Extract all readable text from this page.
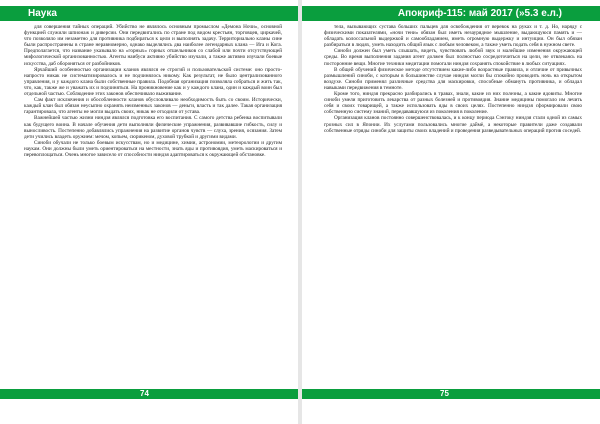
Наука

для совершения тайных операций. Убийство не являлось основным промыслом «Демона Ночи», основной функцией служили шпионаж и диверсии. Они передвигались по стране под видом крестьян, торговцев, циркачей, что позволяло им незаметно для противника подбираться к цели и выполнять задачу. Территориально кланы сине были распространены в стране неравномерно, однако выделялись два наиболее легендарных клана — Ига и Кога. Предполагается, что название указывало на «горных» горных отшельников со слабой или почти отсутствующей мифологической организованностью. Агенты наибуси активно убийство изучали, а также активно изучали боевые искусства, даб обороняться от разбойников.

Ярчайший особенностью организации кланов являлся ее строгий и пользовательской системе: оно просто-напросто никак не систематизировалось и не подчинялось никому. Как результат, не было централизованного управления, и у каждого клана были собственные правила. Подобная организация позволяла собраться и жить так, что, как, также же и уважать их и подчиняться. На проникновение как и у каждого клана, один и каждый воин был отдельной частью. Соблюдение этих законов обеспечивало выживание.

Сам факт исключения и обособленности кланов обусловливало необходимость быть со своим. Исторически, каждый клан был обязан неусыпно охранять неизменных законов — деньги, власть и так далее. Такая организация гарантировала, что агенты не могли выдать своих, никак не отходили от устава.

Важнейшей частью жизни ниндзя являлся подготовка его воспитания. С самого детства ребенка воспитывали как будущего воина. В начале обучения дети выполняли физические упражнения, развивавшие гибкость, силу и выносливость. Постепенно добавлялись упражнения на развитие органов чувств — слуха, зрения, осязания. Затем дети учились владеть оружием: мечом, копьем, сюрикеном, духовой трубкой и другими видами.

Синоби обучали не только боевым искусствам, но и медицине, химии, астрономии, метеорологии и другим наукам. Они должны были уметь ориентироваться на местности, знать яды и противоядия, уметь маскироваться и перевоплощаться. Очень многое зависело от способности ниндзя адаптироваться к окружающей обстановке.

74
Апокриф-115: май 2017 (»5.3 е.л.)

тела, вызывающих сустава больших пальцев для освобождения от веревок на руках и т. д. Но, наряду с физическими показателями, «ночи тени» обязан был иметь незаурядное мышление, выдающуюся память и — обладать колоссальной выдержкой и самообладанием, иметь огромную выдержку и интуиции. Он был обязан разбираться в людях, уметь находить общий язык с любым человеком, а также уметь подать себя в нужном свете.

Синоби должен был уметь слышать, видеть, чувствовать любой звук и малейшие изменения окружающей среды. Во время выполнения задания агент должен был полностью сосредоточиться на цели, не отвлекаясь на посторонние вещи. Многие техники медитации помогали ниндзя сохранять спокойствие в любых ситуациях.

В общей обучений физическое методе отсутствием какие-либо возрастные правила, и отличие от привычных размышлений синоби, с которым в большинстве случае ниндзя могли бы спокойно проводить ночь на открытом воздухе. Синоби применял различные средства для маскировки, способные обмануть противника, и обладал навыками передвижения в темноте.

Кроме того, ниндзя прекрасно разбирались в травах, знали, какие из них полезны, а какие ядовиты. Многие синоби умели приготовить лекарства от разных болезней и противоядия. Знание медицины помогало им лечить себя и своих товарищей, а также использовать яды в своих целях. Постепенно ниндзя сформировали свою собственную систему знаний, передававшуюся из поколения в поколение.

Организация кланов постоянно совершенствовалась, и к концу периода Сэнгоку ниндзя стали одной из самых грозных сил в Японии. Их услугами пользовались многие даймё, а некоторые правители даже создавали собственные отряды синоби для защиты своих владений и проведения разведывательных операций против соседей.

75
